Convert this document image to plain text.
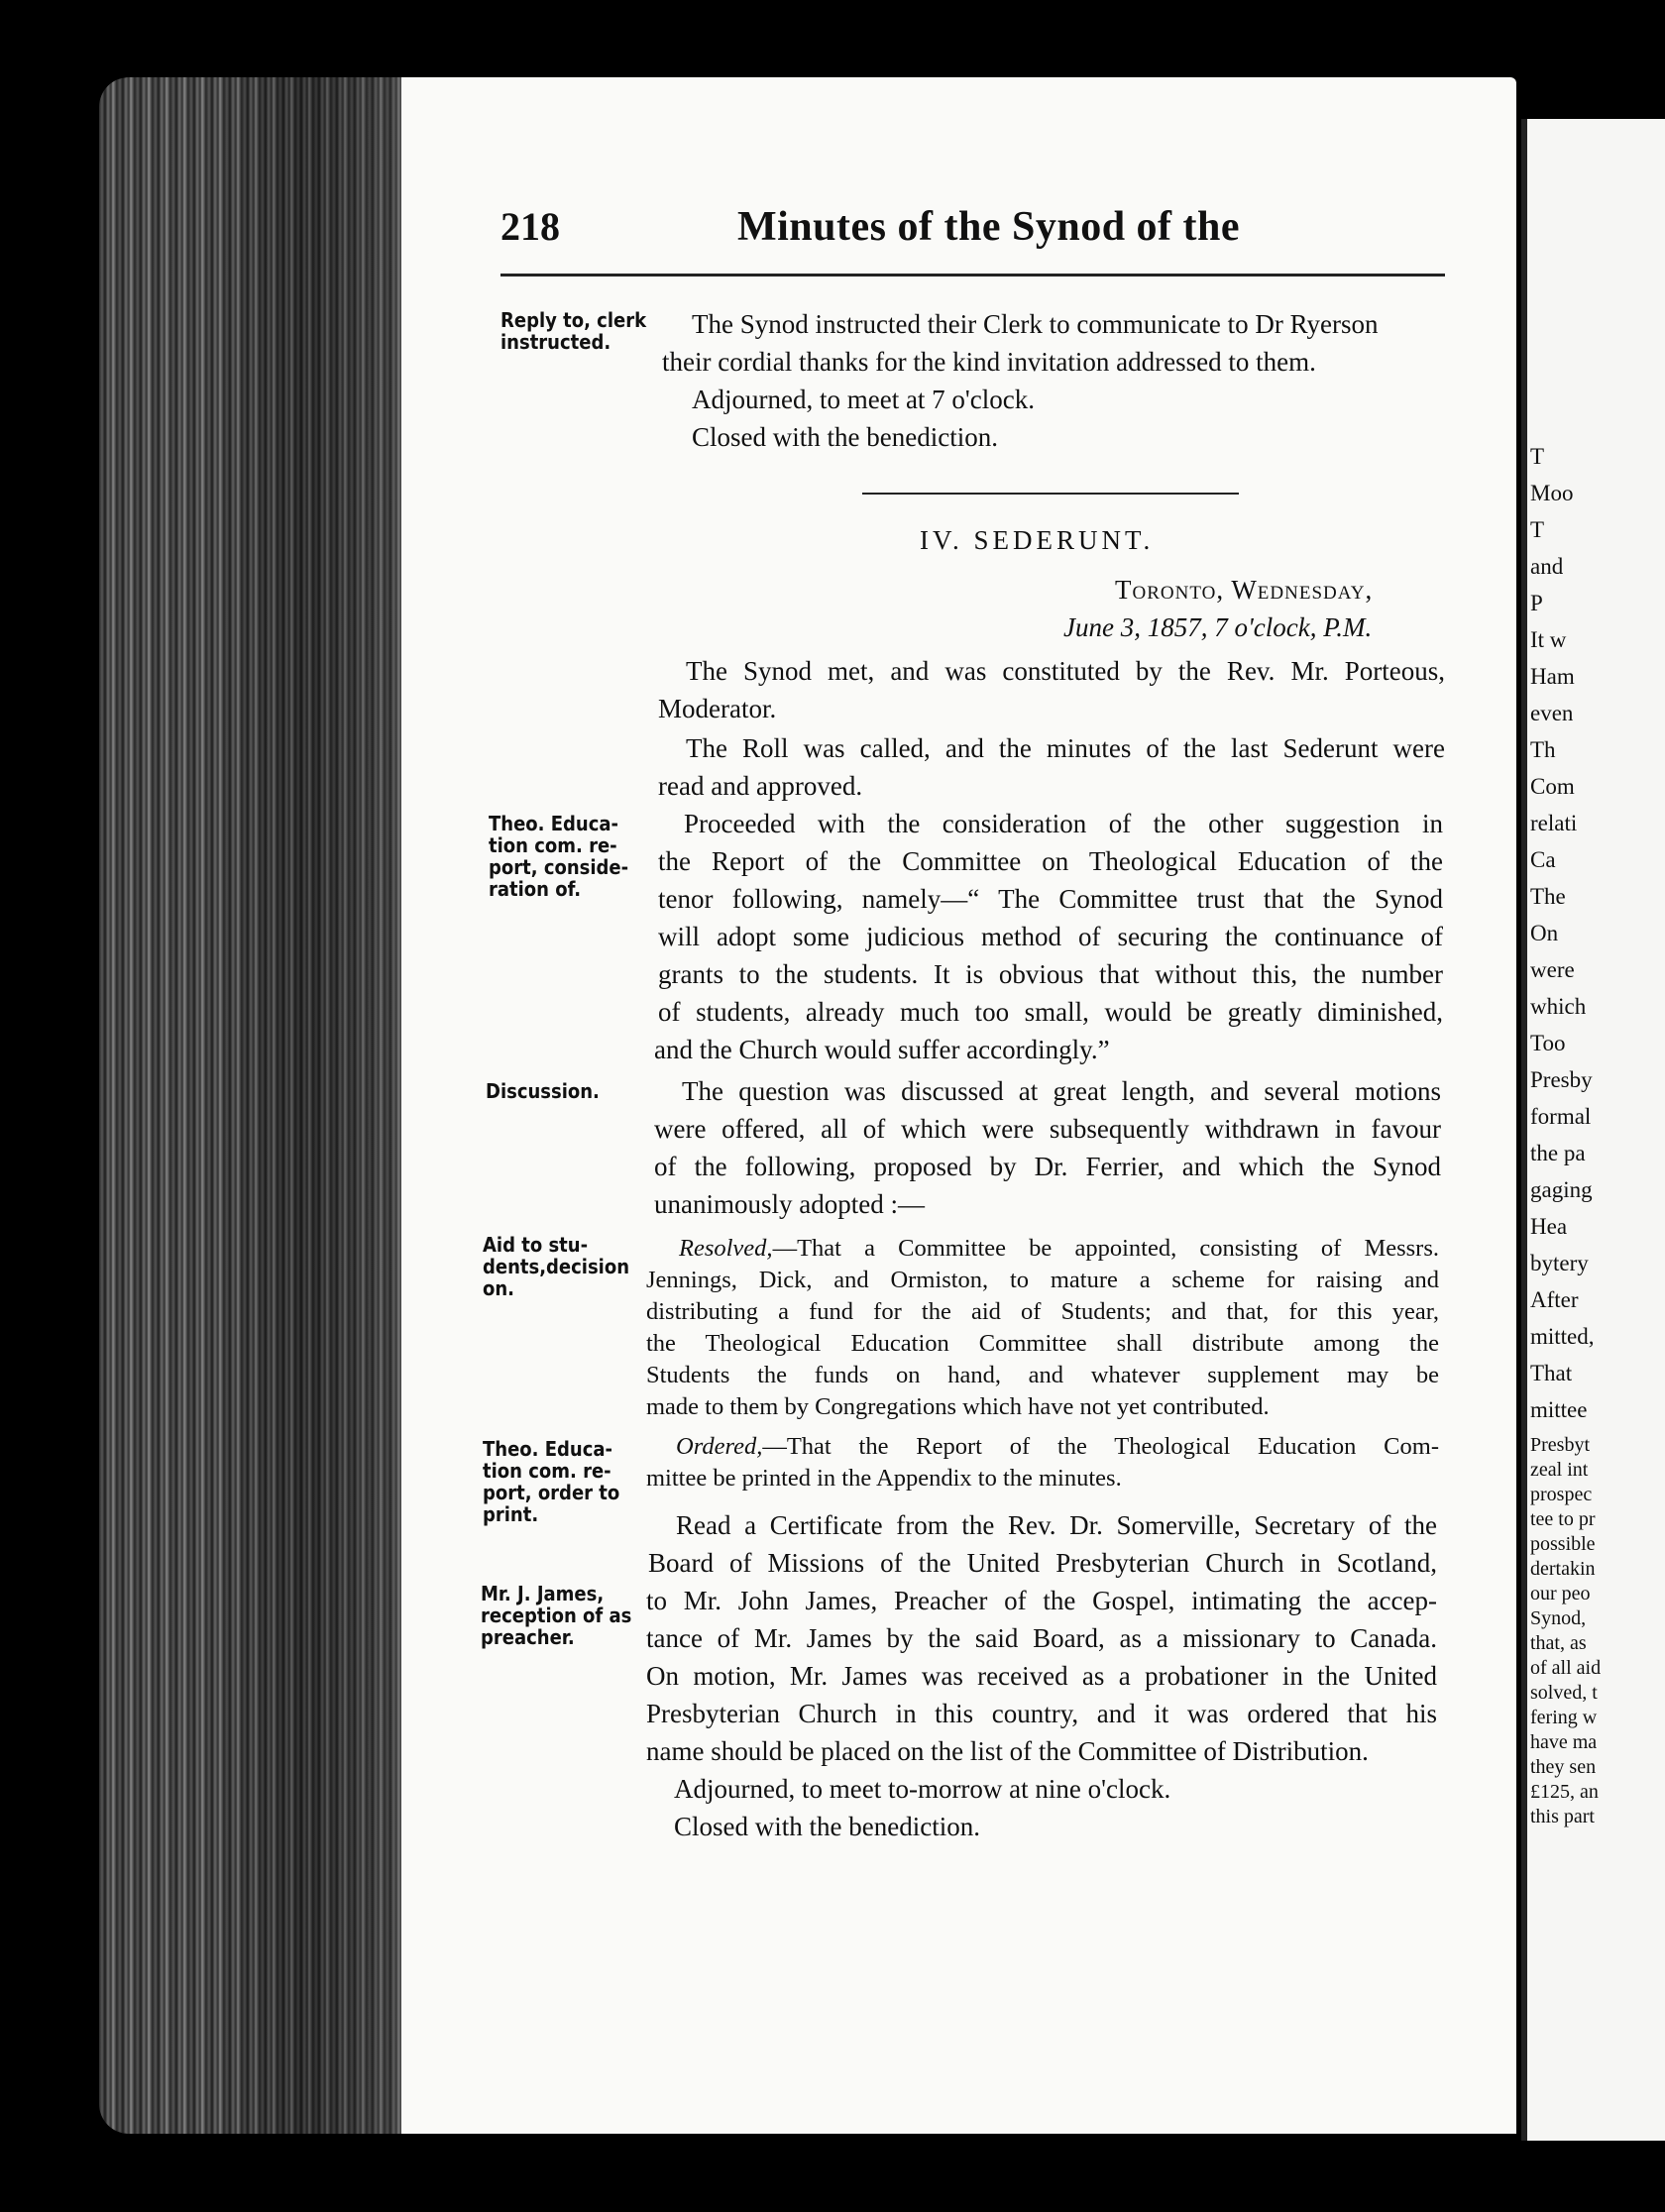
218	Minutes of the Synod of the
Reply to, clerk
instructed.
The Synod instructed their Clerk to communicate to Dr Ryerson
their cordial thanks for the kind invitation addressed to them.
Adjourned, to meet at 7 o'clock.
Closed with the benediction.
IV. SEDERUNT.
Toronto, Wednesday,
June 3, 1857, 7 o'clock, P.M.
The Synod met, and was constituted by the Rev. Mr. Porteous,
Moderator.
The Roll was called, and the minutes of the last Sederunt were
read and approved.
Theo. Educa-
tion com. re-
port, conside-
ration of.
Proceeded with the consideration of the other suggestion in
the Report of the Committee on Theological Education of the
tenor following, namely—“ The Committee trust that the Synod
will adopt some judicious method of securing the continuance of
grants to the students. It is obvious that without this, the number
of students, already much too small, would be greatly diminished,
and the Church would suffer accordingly.”
Discussion.	The question was discussed at great length, and several motions
were offered, all of which were subsequently withdrawn in favour
of the following, proposed by Dr. Ferrier, and which the Synod
unanimously adopted :—
Aid to stu-
dents,decision
on.
Resolved, —That a Committee be appointed, consisting of Messrs.
Jennings, Dick, and Ormiston, to mature a scheme for raising and
distributing a fund for the aid of Students; and that, for this year,
the Theological Education Committee shall distribute among the
Students the funds on hand, and whatever supplement may be
made to them by Congregations which have not yet contributed.
Theo. Educa-
tion com. re-
port, order to
print.
Ordered, —That the Report of the Theological Education Com-
mittee be printed in the Appendix to the minutes.
Mr. J. James,
reception of as
preacher.
Read a Certificate from the Rev. Dr. Somerville, Secretary of the
Board of Missions of the United Presbyterian Church in Scotland,
to Mr. John James, Preacher of the Gospel, intimating the accep-
tance of Mr. James by the said Board, as a missionary to Canada.
On motion, Mr. James was received as a probationer in the United
Presbyterian Church in this country, and it was ordered that his
name should be placed on the list of the Committee of Distribution.
Adjourned, to meet to-morrow at nine o'clock.
Closed with the benediction.
T
Moo
T
and
P
It w
Ham
even
Th
Com
relati
Ca
The
On
were
which
Too
Presby
formal
the pa
gaging
Hea
bytery
After
mitted,
That
mittee
Presbyt
zeal int
prospec
tee to pr
possible
dertakin
our peo
Synod,
that, as
of all aid
solved, t
fering w
have ma
they sen
£125, an
this part
